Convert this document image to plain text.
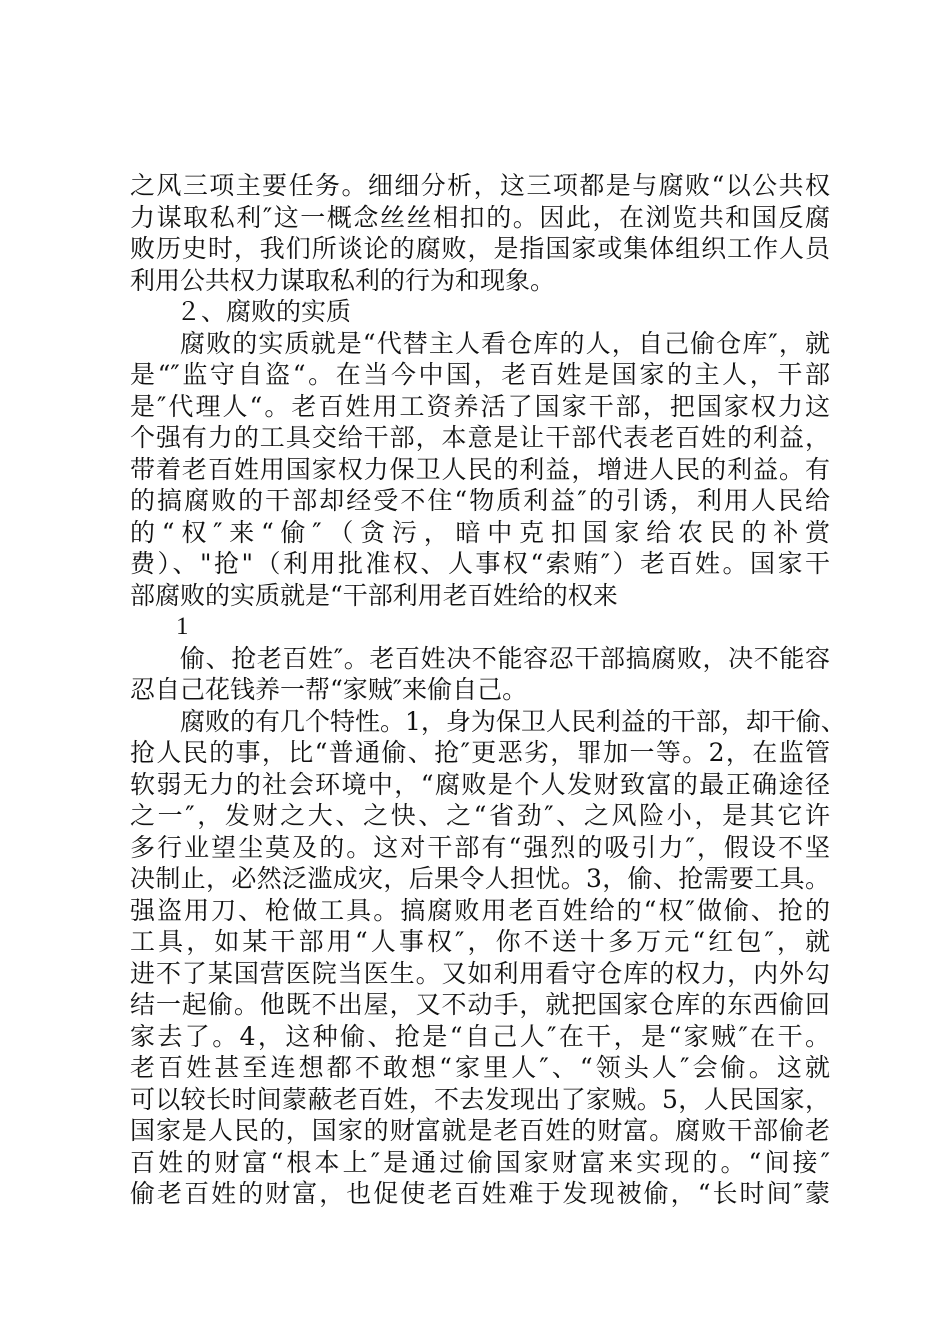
之风三项主要任务。细细分析，这三项都是与腐败“以公共权
力谋取私利″这一概念丝丝相扣的。因此，在浏览共和国反腐
败历史时，我们所谈论的腐败，是指国家或集体组织工作人员
利用公共权力谋取私利的行为和现象。
２、腐败的实质
腐败的实质就是“代替主人看仓库的人，自己偷仓库″，就
是“″监守自盗“。在当今中国，老百姓是国家的主人，干部
是″代理人“。老百姓用工资养活了国家干部，把国家权力这
个强有力的工具交给干部，本意是让干部代表老百姓的利益，
带着老百姓用国家权力保卫人民的利益，增进人民的利益。有
的搞腐败的干部却经受不住“物质利益″的引诱，利用人民给
的“权″来“偷″（贪污，暗中克扣国家给农民的补赏
费）、"抢"（利用批准权、人事权“索贿″）老百姓。国家干
部腐败的实质就是“干部利用老百姓给的权来
1
偷、抢老百姓″。老百姓决不能容忍干部搞腐败，决不能容
忍自己花钱养一帮“家贼″来偷自己。
腐败的有几个特性。1，身为保卫人民利益的干部，却干偷、
抢人民的事，比“普通偷、抢″更恶劣，罪加一等。2，在监管
软弱无力的社会环境中，“腐败是个人发财致富的最正确途径
之一″，发财之大、之快、之“省劲″、之风险小，是其它许
多行业望尘莫及的。这对干部有“强烈的吸引力″，假设不坚
决制止，必然泛滥成灾，后果令人担忧。3，偷、抢需要工具。
强盗用刀、枪做工具。搞腐败用老百姓给的“权″做偷、抢的
工具，如某干部用“人事权″，你不送十多万元“红包″，就
进不了某国营医院当医生。又如利用看守仓库的权力，内外勾
结一起偷。他既不出屋，又不动手，就把国家仓库的东西偷回
家去了。4，这种偷、抢是“自己人″在干，是“家贼″在干。
老百姓甚至连想都不敢想“家里人″、“领头人″会偷。这就
可以较长时间蒙蔽老百姓，不去发现出了家贼。5，人民国家，
国家是人民的，国家的财富就是老百姓的财富。腐败干部偷老
百姓的财富“根本上″是通过偷国家财富来实现的。“间接″
偷老百姓的财富，也促使老百姓难于发现被偷，“长时间″蒙
